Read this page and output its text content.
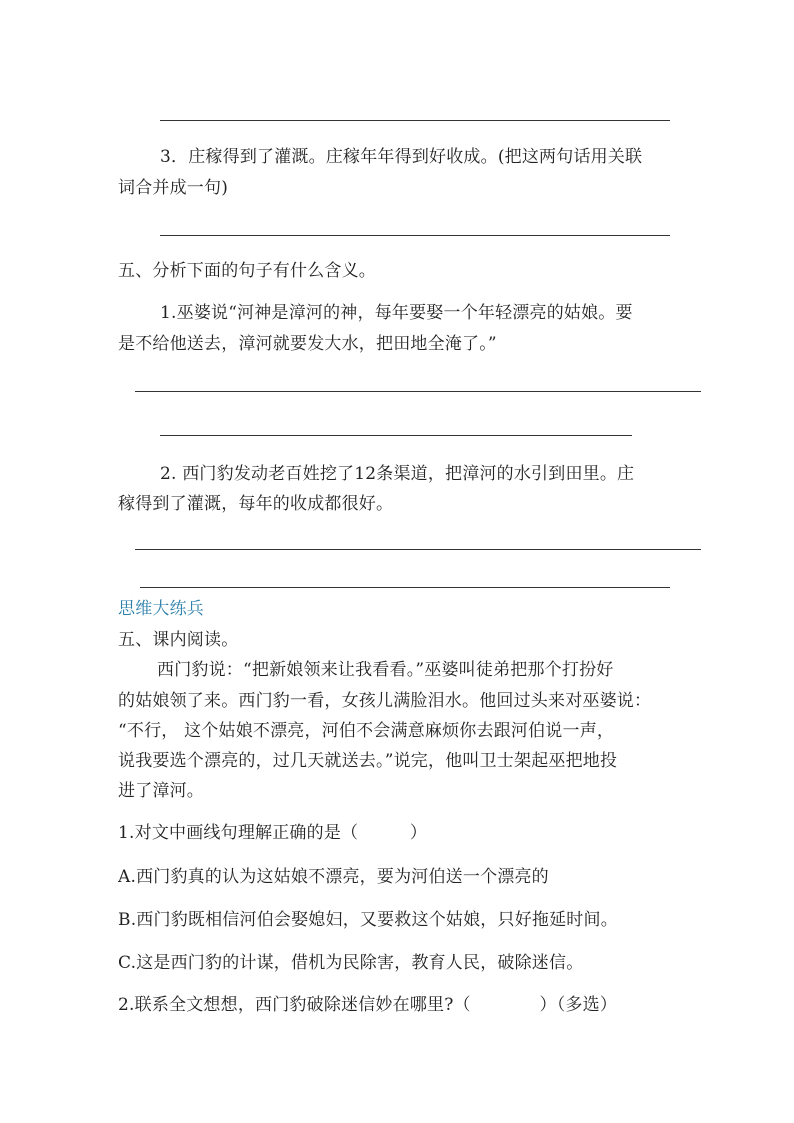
3．庄稼得到了灌溉。庄稼年年得到好收成。(把这两句话用关联
词合并成一句)
五、分析下面的句子有什么含义。
1.巫婆说“河神是漳河的神，每年要娶一个年轻漂亮的姑娘。要
是不给他送去，漳河就要发大水，把田地全淹了。”
2. 西门豹发动老百姓挖了12条渠道，把漳河的水引到田里。庄
稼得到了灌溉，每年的收成都很好。
思维大练兵
五、课内阅读。
西门豹说：“把新娘领来让我看看。”巫婆叫徒弟把那个打扮好
的姑娘领了来。西门豹一看，女孩儿满脸泪水。他回过头来对巫婆说：
“不行， 这个姑娘不漂亮，河伯不会满意麻烦你去跟河伯说一声，
说我要选个漂亮的，过几天就送去。”说完，他叫卫士架起巫把地投
进了漳河。
1.对文中画线句理解正确的是（　　　）
A.西门豹真的认为这姑娘不漂亮，要为河伯送一个漂亮的
B.西门豹既相信河伯会娶媳妇，又要救这个姑娘，只好拖延时间。
C.这是西门豹的计谋，借机为民除害，教育人民，破除迷信。
2.联系全文想想，西门豹破除迷信妙在哪里?（　　　　）（多选）
